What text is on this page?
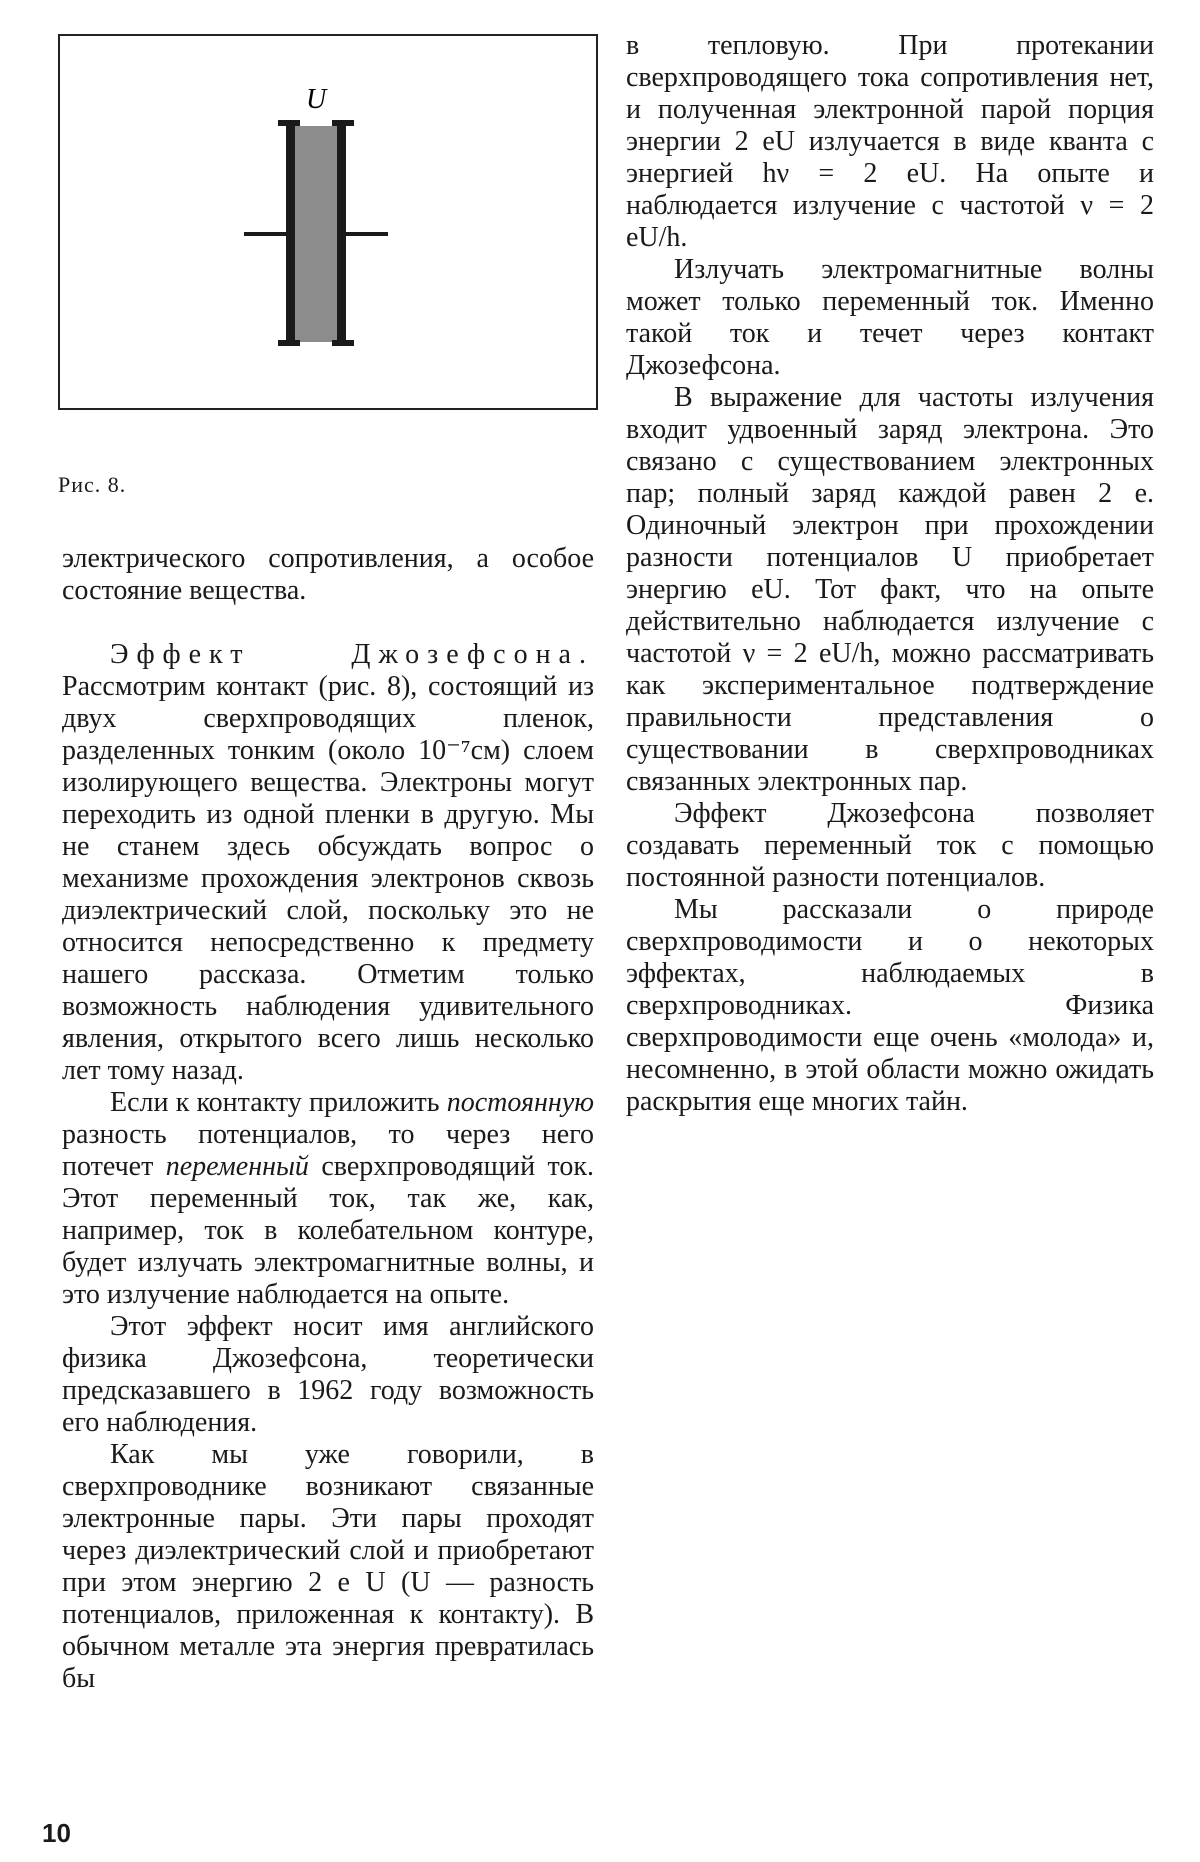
U
Рис. 8.

электрического сопротивления, а особое состояние вещества.

Эффект Джозефсона. Рассмотрим контакт (рис. 8), состоящий из двух сверхпроводящих пленок, разделенных тонким (около 10⁻⁷см) слоем изолирующего вещества. Электроны могут переходить из одной пленки в другую. Мы не станем здесь обсуждать вопрос о механизме прохождения электронов сквозь диэлектрический слой, поскольку это не относится непосредственно к предмету нашего рассказа. Отметим только возможность наблюдения удивительного явления, открытого всего лишь несколько лет тому назад.

Если к контакту приложить постоянную разность потенциалов, то через него потечет переменный сверхпроводящий ток. Этот переменный ток, так же, как, например, ток в колебательном контуре, будет излучать электромагнитные волны, и это излучение наблюдается на опыте.

Этот эффект носит имя английского физика Джозефсона, теоретически предсказавшего в 1962 году возможность его наблюдения.

Как мы уже говорили, в сверхпроводнике возникают связанные электронные пары. Эти пары проходят через диэлектрический слой и приобретают при этом энергию 2 e U (U — разность потенциалов, приложенная к контакту). В обычном металле эта энергия превратилась бы

в тепловую. При протекании сверхпроводящего тока сопротивления нет, и полученная электронной парой порция энергии 2 eU излучается в виде кванта с энергией hν = 2 eU. На опыте и наблюдается излучение с частотой ν = 2 eU/h.

Излучать электромагнитные волны может только переменный ток. Именно такой ток и течет через контакт Джозефсона.

В выражение для частоты излучения входит удвоенный заряд электрона. Это связано с существованием электронных пар; полный заряд каждой равен 2 e. Одиночный электрон при прохождении разности потенциалов U приобретает энергию eU. Тот факт, что на опыте действительно наблюдается излучение с частотой ν = 2 eU/h, можно рассматривать как экспериментальное подтверждение правильности представления о существовании в сверхпроводниках связанных электронных пар.

Эффект Джозефсона позволяет создавать переменный ток с помощью постоянной разности потенциалов.

Мы рассказали о природе сверхпроводимости и о некоторых эффектах, наблюдаемых в сверхпроводниках. Физика сверхпроводимости еще очень «молода» и, несомненно, в этой области можно ожидать раскрытия еще многих тайн.

10
